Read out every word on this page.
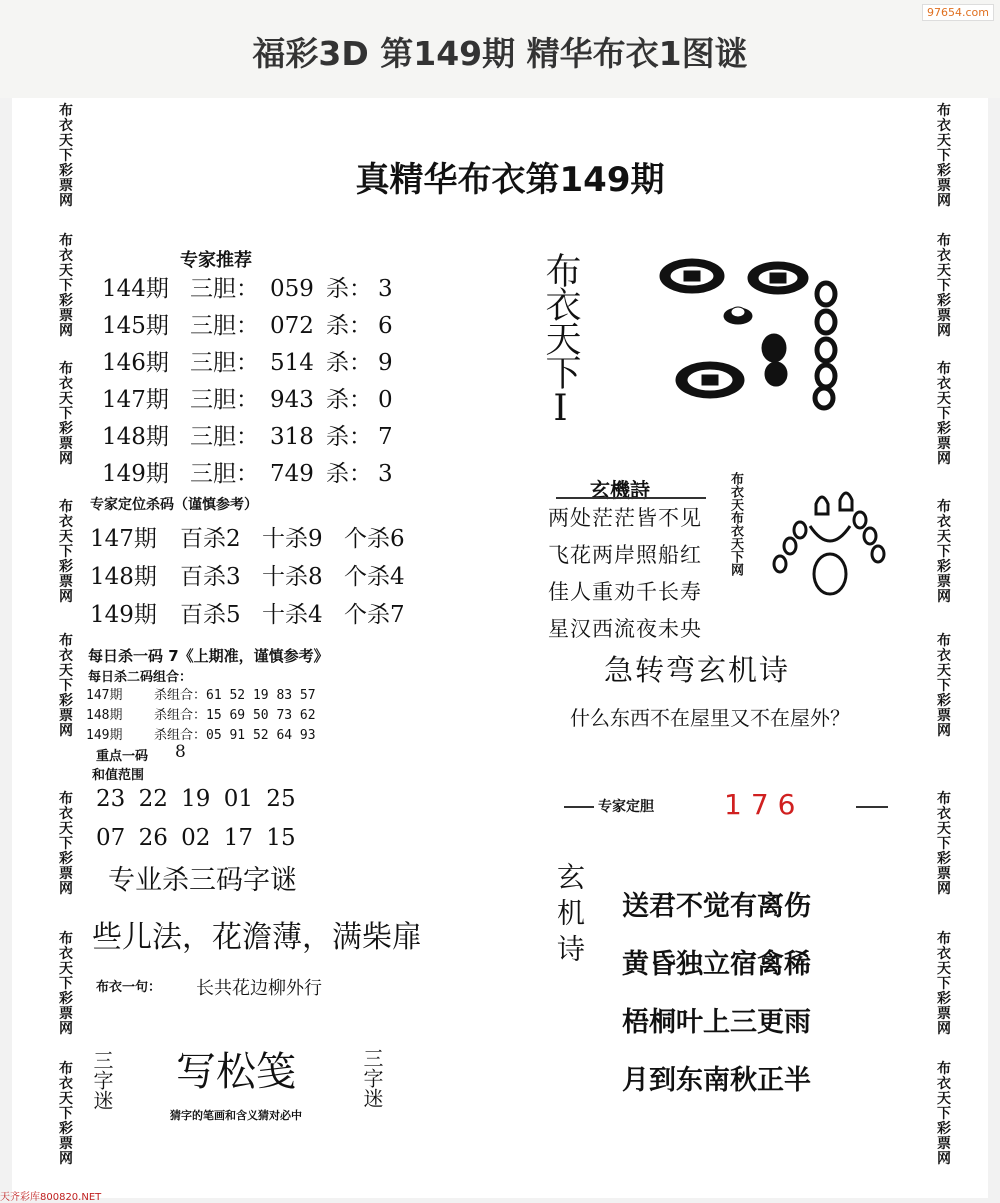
福彩3D 第149期 精华布衣1图谜
97654.com
布
衣
天
下
彩
票
网
布
衣
天
下
彩
票
网
布
衣
天
下
彩
票
网
布
衣
天
下
彩
票
网
布
衣
天
下
彩
票
网
布
衣
天
下
彩
票
网
布
衣
天
下
彩
票
网
布
衣
天
下
彩
票
网
布
衣
天
下
彩
票
网
布
衣
天
下
彩
票
网
布
衣
天
下
彩
票
网
布
衣
天
下
彩
票
网
布
衣
天
下
彩
票
网
布
衣
天
下
彩
票
网
布
衣
天
下
彩
票
网
布
衣
天
下
彩
票
网
真精华布衣第149期
专家推荐
144期 三胆： 059 杀： 3
145期 三胆： 072 杀： 6
146期 三胆： 514 杀： 9
147期 三胆： 943 杀： 0
148期 三胆： 318 杀： 7
149期 三胆： 749 杀： 3
专家定位杀码（谨慎参考）
147期 百杀2 十杀9 个杀6
148期 百杀3 十杀8 个杀4
149期 百杀5 十杀4 个杀7
每日杀一码 7《上期准，谨慎参考》
每日杀二码组合：
147期 杀组合：61 52 19 83 57
148期 杀组合：15 69 50 73 62
149期 杀组合：05 91 52 64 93
重点一码 8
和值范围
23 22 19 01 25
07 26 02 17 15
专业杀三码字谜
些儿法，花澹薄，满柴扉
布衣一句： 长共花边柳外行
三字迷 写松笺
猜字的笔画和含义猜对必中
三字迷
布衣天下I
玄機詩
两处茫茫皆不见
飞花两岸照船红
佳人重劝千长寿
星汉西流夜未央
布衣天布衣天下网
急转弯玄机诗
什么东西不在屋里又不在屋外？
专家定胆	176
玄机诗 送君不觉有离伤
黄昏独立宿禽稀
梧桐叶上三更雨
月到东南秋正半
天齐彩库800820.NET
